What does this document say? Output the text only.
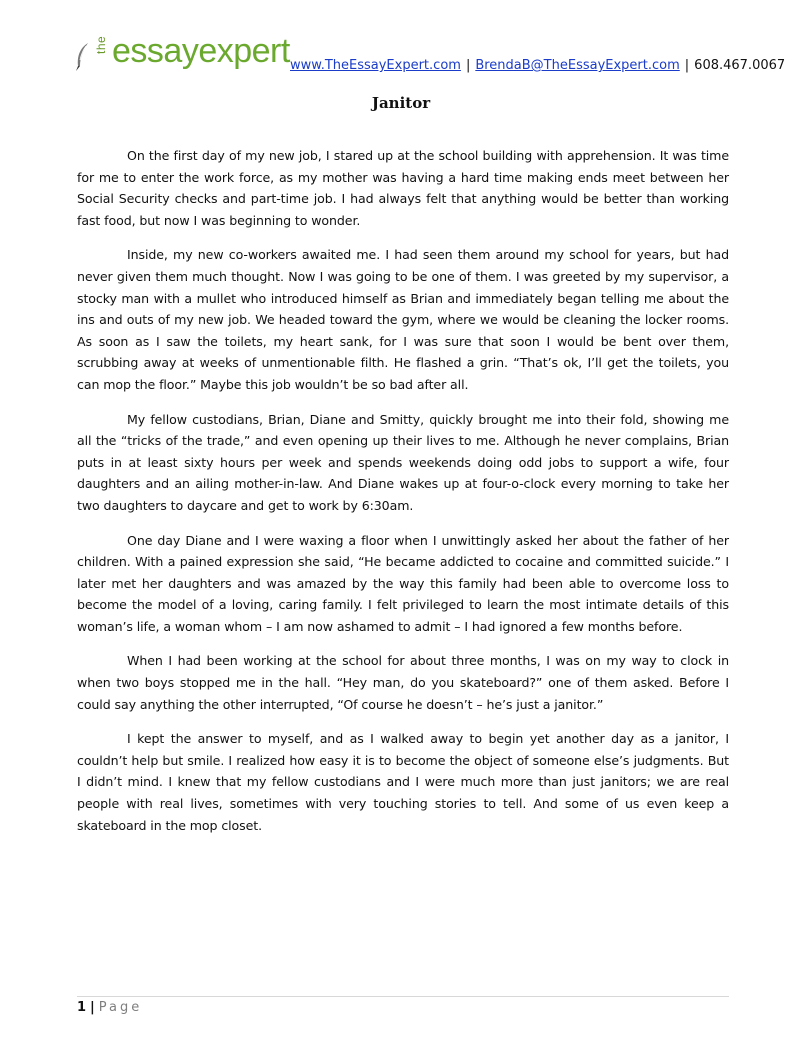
the essayexpert www.TheEssayExpert.com | BrendaB@TheEssayExpert.com | 608.467.0067
Janitor

On the first day of my new job, I stared up at the school building with apprehension. It was time for me to enter the work force, as my mother was having a hard time making ends meet between her Social Security checks and part-time job. I had always felt that anything would be better than working fast food, but now I was beginning to wonder.

Inside, my new co-workers awaited me. I had seen them around my school for years, but had never given them much thought. Now I was going to be one of them. I was greeted by my supervisor, a stocky man with a mullet who introduced himself as Brian and immediately began telling me about the ins and outs of my new job. We headed toward the gym, where we would be cleaning the locker rooms. As soon as I saw the toilets, my heart sank, for I was sure that soon I would be bent over them, scrubbing away at weeks of unmentionable filth. He flashed a grin. “That’s ok, I’ll get the toilets, you can mop the floor.” Maybe this job wouldn’t be so bad after all.

My fellow custodians, Brian, Diane and Smitty, quickly brought me into their fold, showing me all the “tricks of the trade,” and even opening up their lives to me. Although he never complains, Brian puts in at least sixty hours per week and spends weekends doing odd jobs to support a wife, four daughters and an ailing mother-in-law. And Diane wakes up at four-o-clock every morning to take her two daughters to daycare and get to work by 6:30am.

One day Diane and I were waxing a floor when I unwittingly asked her about the father of her children. With a pained expression she said, “He became addicted to cocaine and committed suicide.” I later met her daughters and was amazed by the way this family had been able to overcome loss to become the model of a loving, caring family. I felt privileged to learn the most intimate details of this woman’s life, a woman whom – I am now ashamed to admit – I had ignored a few months before.

When I had been working at the school for about three months, I was on my way to clock in when two boys stopped me in the hall. “Hey man, do you skateboard?” one of them asked. Before I could say anything the other interrupted, “Of course he doesn’t – he’s just a janitor.”

I kept the answer to myself, and as I walked away to begin yet another day as a janitor, I couldn’t help but smile. I realized how easy it is to become the object of someone else’s judgments. But I didn’t mind. I knew that my fellow custodians and I were much more than just janitors; we are real people with real lives, sometimes with very touching stories to tell. And some of us even keep a skateboard in the mop closet.

1 | Page
